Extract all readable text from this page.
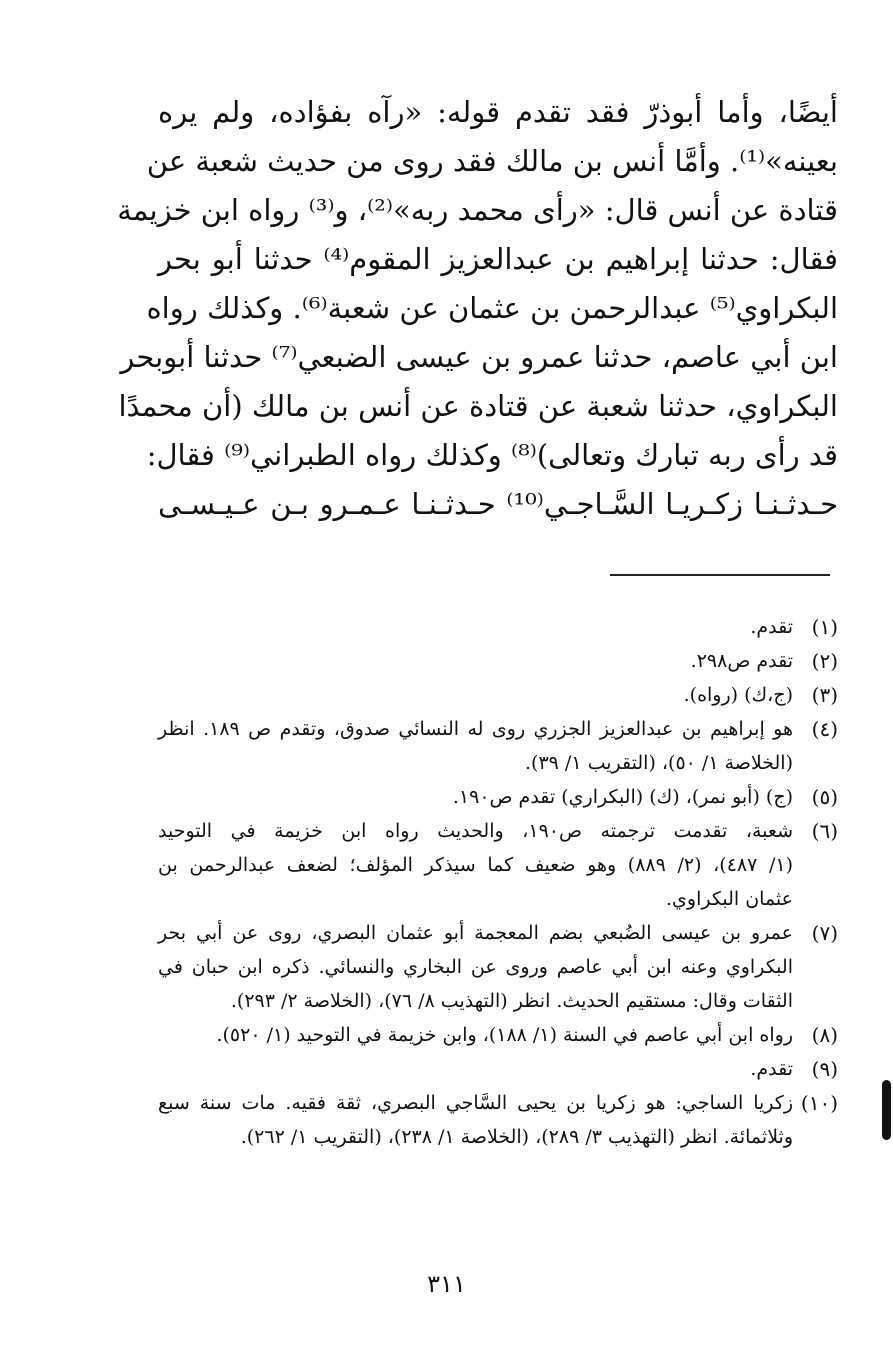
أيضًا، وأما أبوذرّ فقد تقدم قوله: «رآه بفؤاده، ولم يره
بعينه»⁽¹⁾. وأمَّا أنس بن مالك فقد روى من حديث شعبة عن
قتادة عن أنس قال: «رأى محمد ربه»⁽²⁾، و⁽³⁾ رواه ابن خزيمة
فقال: حدثنا إبراهيم بن عبدالعزيز المقوم⁽⁴⁾ حدثنا أبو بحر
البكراوي⁽⁵⁾ عبدالرحمن بن عثمان عن شعبة⁽⁶⁾. وكذلك رواه
ابن أبي عاصم، حدثنا عمرو بن عيسى الضبعي⁽⁷⁾ حدثنا أبوبحر
البكراوي، حدثنا شعبة عن قتادة عن أنس بن مالك (أن محمدًا
قد رأى ربه تبارك وتعالى)⁽⁸⁾ وكذلك رواه الطبراني⁽⁹⁾ فقال:
حـدثـنـا زكـريـا السَّـاجـي⁽¹⁰⁾ حـدثـنـا عـمـرو بـن عـيـسـى
(١)
تقدم.
(٢)
تقدم ص٢٩٨.
(٣)
(ج،ك) (رواه).
(٤)
هو إبراهيم بن عبدالعزيز الجزري روى له النسائي صدوق، وتقدم ص ١٨٩. انظر
(الخلاصة ١/ ٥٠)، (التقريب ١/ ٣٩).
(٥)
(ج) (أبو نمر)، (ك) (البكراري) تقدم ص١٩٠.
(٦)
شعبة، تقدمت ترجمته ص١٩٠، والحديث رواه ابن خزيمة في التوحيد
(١/ ٤٨٧)، (٢/ ٨٨٩) وهو ضعيف كما سيذكر المؤلف؛ لضعف عبدالرحمن بن
عثمان البكراوي.
(٧)
عمرو بن عيسى الضُبعي بضم المعجمة أبو عثمان البصري، روى عن أبي بحر
البكراوي وعنه ابن أبي عاصم وروى عن البخاري والنسائي. ذكره ابن حبان في
الثقات وقال: مستقيم الحديث. انظر (التهذيب ٨/ ٧٦)، (الخلاصة ٢/ ٢٩٣).
(٨)
رواه ابن أبي عاصم في السنة (١/ ١٨٨)، وابن خزيمة في التوحيد (١/ ٥٢٠).
(٩)
تقدم.
(١٠)
زكريا الساجي: هو زكريا بن يحيى السَّاجي البصري، ثقة فقيه. مات سنة سبع
وثلاثمائة. انظر (التهذيب ٣/ ٢٨٩)، (الخلاصة ١/ ٢٣٨)، (التقريب ١/ ٢٦٢).
٣١١
